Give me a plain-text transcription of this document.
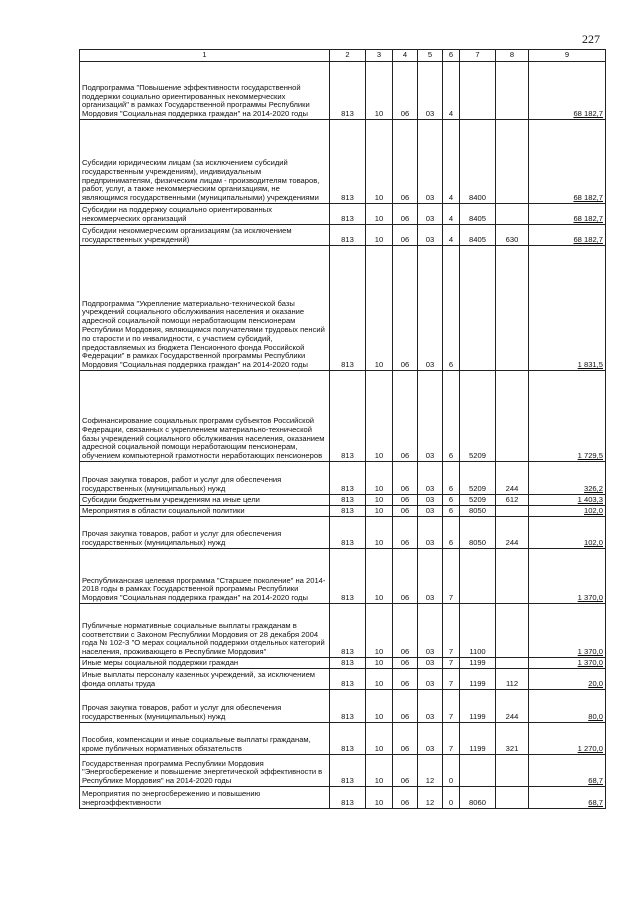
227
1	2	3	4	5	6	7	8	9
Подпрограмма "Повышение эффективности государственной поддержки социально ориентированных некоммерческих организаций" в рамках Государственной программы Республики Мордовия "Социальная поддержка граждан" на 2014-2020 годы	813	10	06	03	4			68 182,7
Субсидии юридическим лицам (за исключением субсидий государственным учреждениям), индивидуальным предпринимателям, физическим лицам - производителям товаров, работ, услуг, а также некоммерческим организациям, не являющимся государственными (муниципальными) учреждениями	813	10	06	03	4	8400		68 182,7
Субсидии на поддержку социально ориентированных некоммерческих организаций	813	10	06	03	4	8405		68 182,7
Субсидии некоммерческим организациям (за исключением государственных учреждений)	813	10	06	03	4	8405	630	68 182,7
Подпрограмма "Укрепление материально-технической базы учреждений социального обслуживания населения и оказание адресной социальной помощи неработающим пенсионерам Республики Мордовия, являющимся получателями трудовых пенсий по старости и по инвалидности, с участием субсидий, предоставляемых из бюджета Пенсионного фонда Российской Федерации" в рамках Государственной программы Республики Мордовия "Социальная поддержка граждан" на 2014-2020 годы	813	10	06	03	6			1 831,5
Софинансирование социальных программ субъектов Российской Федерации, связанных с укреплением материально-технической базы учреждений социального обслуживания населения, оказанием адресной социальной помощи неработающим пенсионерам, обучением компьютерной грамотности неработающих пенсионеров	813	10	06	03	6	5209		1 729,5
Прочая закупка товаров, работ и услуг для обеспечения государственных (муниципальных) нужд	813	10	06	03	6	5209	244	326,2
Субсидии бюджетным учреждениям на иные цели	813	10	06	03	6	5209	612	1 403,3
Мероприятия в области социальной политики	813	10	06	03	6	8050		102,0
Прочая закупка товаров, работ и услуг для обеспечения государственных (муниципальных) нужд	813	10	06	03	6	8050	244	102,0
Республиканская целевая программа "Старшее поколение" на 2014-2018 годы в рамках Государственной программы Республики Мордовия "Социальная поддержка граждан" на 2014-2020 годы	813	10	06	03	7			1 370,0
Публичные нормативные социальные выплаты гражданам в соответствии с Законом Республики Мордовия от 28 декабря 2004 года № 102-З "О мерах социальной поддержки отдельных категорий населения, проживающего в Республике Мордовия"	813	10	06	03	7	1100		1 370,0
Иные меры социальной поддержки граждан	813	10	06	03	7	1199		1 370,0
Иные выплаты персоналу казенных учреждений, за исключением фонда оплаты труда	813	10	06	03	7	1199	112	20,0
Прочая закупка товаров, работ и услуг для обеспечения государственных (муниципальных) нужд	813	10	06	03	7	1199	244	80,0
Пособия, компенсации и иные социальные выплаты гражданам, кроме публичных нормативных обязательств	813	10	06	03	7	1199	321	1 270,0
Государственная программа Республики Мордовия "Энергосбережение и повышение энергетической эффективности в Республике Мордовия" на 2014-2020 годы	813	10	06	12	0			68,7
Мероприятия по энергосбережению и повышению энергоэффективности	813	10	06	12	0	8060		68,7
